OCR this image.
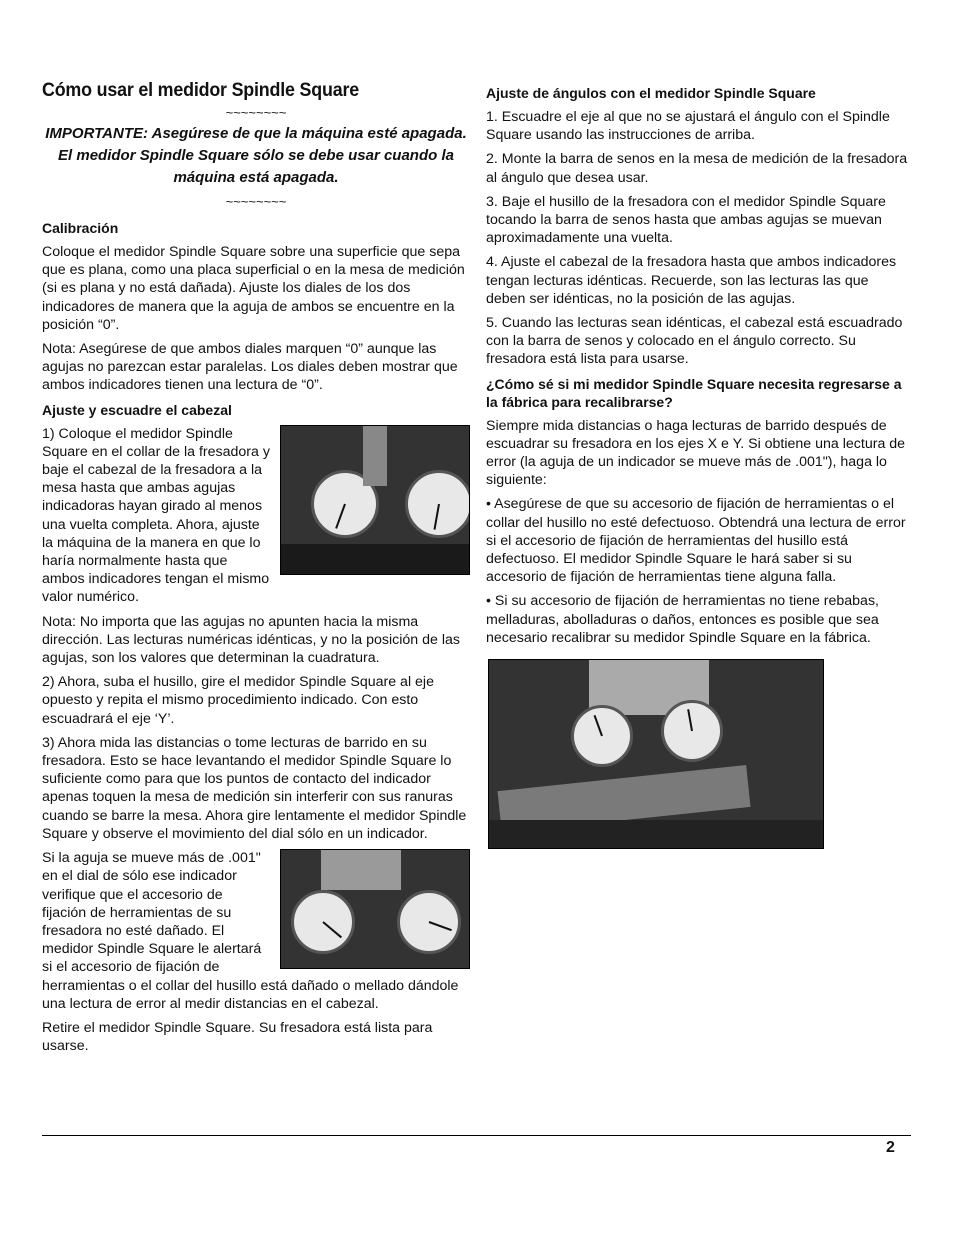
Cómo usar el medidor Spindle Square
~~~~~~~~
IMPORTANTE: Asegúrese de que la máquina esté apagada. El medidor Spindle Square sólo se debe usar cuando la máquina está apagada.
~~~~~~~~
Calibración

Coloque el medidor Spindle Square sobre una superficie que sepa que es plana, como una placa superficial o en la mesa de medición (si es plana y no está dañada). Ajuste los diales de los dos indicadores de manera que la aguja de ambos se encuentre en la posición “0”.

Nota: Asegúrese de que ambos diales marquen “0” aunque las agujas no parezcan estar paralelas. Los diales deben mostrar que ambos indicadores tienen una lectura de “0”.

Ajuste y escuadre el cabezal

1) Coloque el medidor Spindle Square en el collar de la fresadora y baje el cabezal de la fresadora a la mesa hasta que ambas agujas indicadoras hayan girado al menos una vuelta completa. Ahora, ajuste la máquina de la manera en que lo haría normalmente hasta que ambos indicadores tengan el mismo valor numérico.

Nota: No importa que las agujas no apunten hacia la misma dirección. Las lecturas numéricas idénticas, y no la posición de las agujas, son los valores que determinan la cuadratura.

2) Ahora, suba el husillo, gire el medidor Spindle Square al eje opuesto y repita el mismo procedimiento indicado. Con esto escuadrará el eje ‘Y’.

3) Ahora mida las distancias o tome lecturas de barrido en su fresadora. Esto se hace levantando el medidor Spindle Square lo suficiente como para que los puntos de contacto del indicador apenas toquen la mesa de medición sin interferir con sus ranuras cuando se barre la mesa. Ahora gire lentamente el medidor Spindle Square y observe el movimiento del dial sólo en un indicador.

Si la aguja se mueve más de .001" en el dial de sólo ese indicador verifique que el accesorio de fijación de herramientas de su fresadora no esté dañado. El medidor Spindle Square le alertará si el accesorio de fijación de herramientas o el collar del husillo está dañado o mellado dándole una lectura de error al medir distancias en el cabezal.

Retire el medidor Spindle Square. Su fresadora está lista para usarse.

Ajuste de ángulos con el medidor Spindle Square

1. Escuadre el eje al que no se ajustará el ángulo con el Spindle Square usando las instrucciones de arriba.

2. Monte la barra de senos en la mesa de medición de la fresadora al ángulo que desea usar.

3. Baje el husillo de la fresadora con el medidor Spindle Square tocando la barra de senos hasta que ambas agujas se muevan aproximadamente una vuelta.

4. Ajuste el cabezal de la fresadora hasta que ambos indicadores tengan lecturas idénticas. Recuerde, son las lecturas las que deben ser idénticas, no la posición de las agujas.

5. Cuando las lecturas sean idénticas, el cabezal está escuadrado con la barra de senos y colocado en el ángulo correcto. Su fresadora está lista para usarse.

¿Cómo sé si mi medidor Spindle Square necesita regresarse a la fábrica para recalibrarse?

Siempre mida distancias o haga lecturas de barrido después de escuadrar su fresadora en los ejes X e Y. Si obtiene una lectura de error (la aguja de un indicador se mueve más de .001"), haga lo siguiente:

• Asegúrese de que su accesorio de fijación de herramientas o el collar del husillo no esté defectuoso. Obtendrá una lectura de error si el accesorio de fijación de herramientas del husillo está defectuoso. El medidor Spindle Square le hará saber si su accesorio de fijación de herramientas tiene alguna falla.

• Si su accesorio de fijación de herramientas no tiene rebabas, melladuras, abolladuras o daños, entonces es posible que sea necesario recalibrar su medidor Spindle Square en la fábrica.

2
